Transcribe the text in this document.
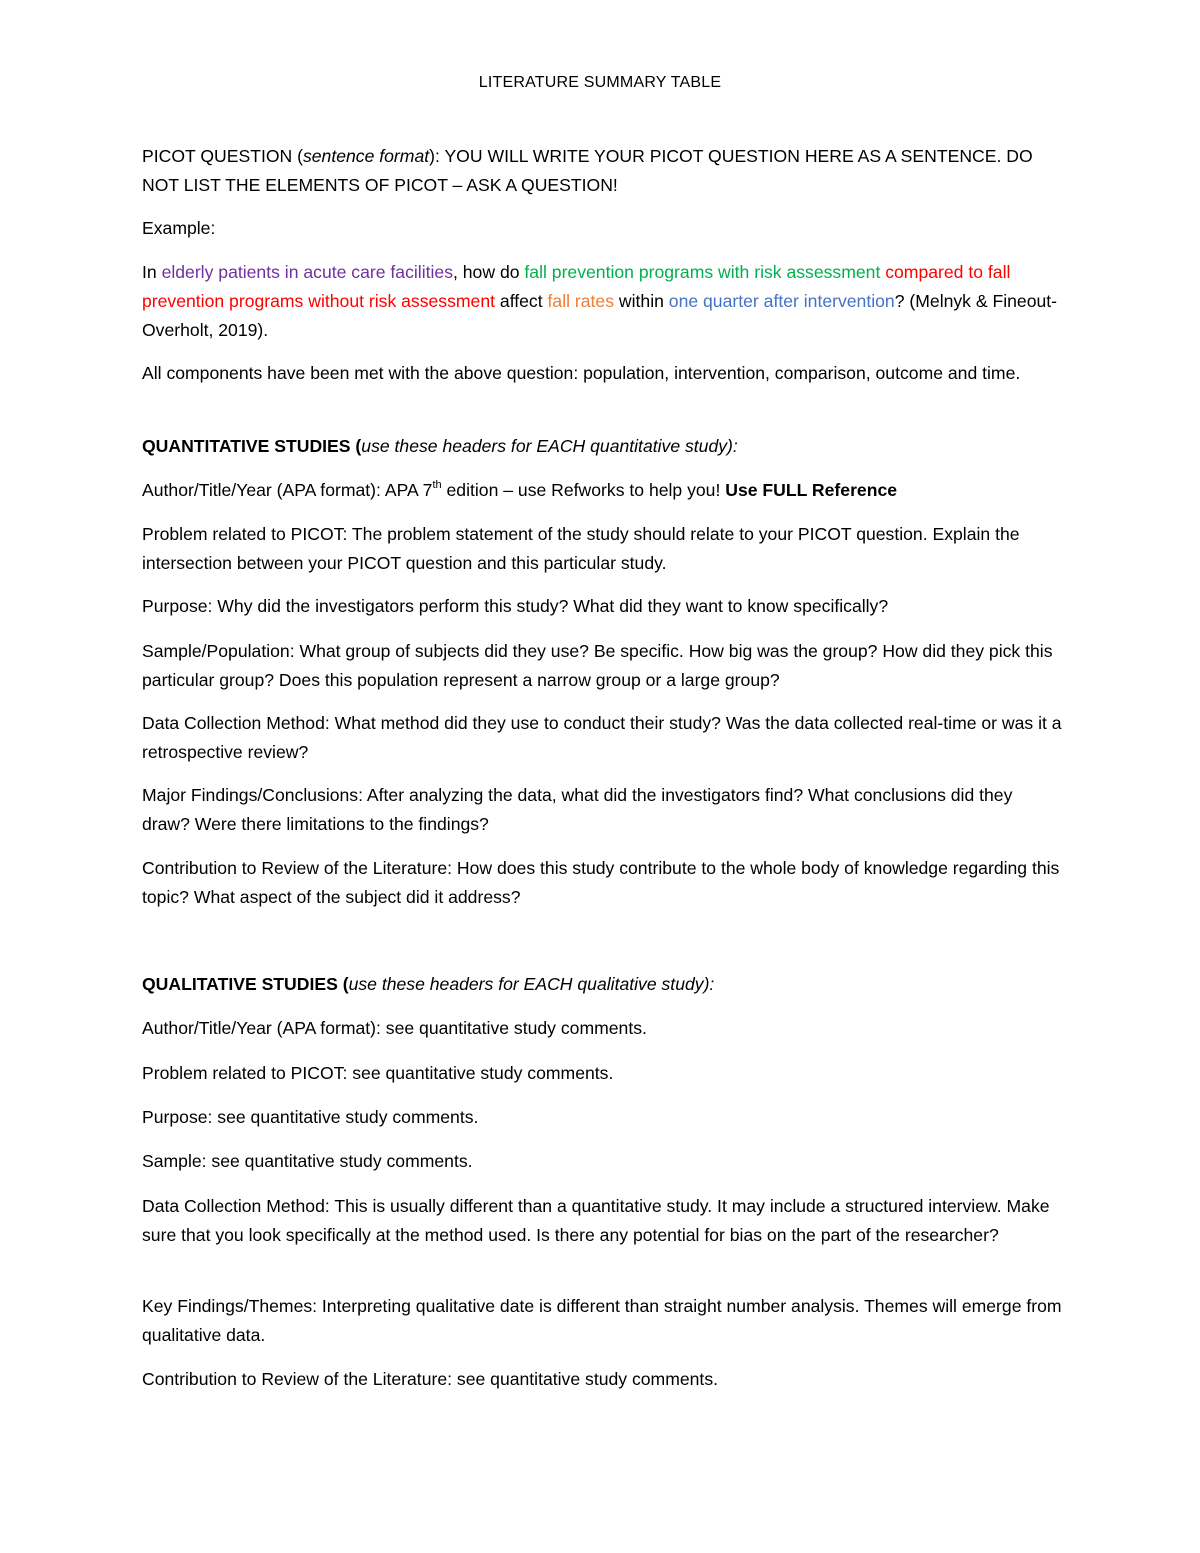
LITERATURE SUMMARY TABLE

PICOT QUESTION (sentence format): YOU WILL WRITE YOUR PICOT QUESTION HERE AS A SENTENCE. DO NOT LIST THE ELEMENTS OF PICOT – ASK A QUESTION!

Example:

In elderly patients in acute care facilities, how do fall prevention programs with risk assessment compared to fall prevention programs without risk assessment affect fall rates within one quarter after intervention? (Melnyk & Fineout-Overholt, 2019).

All components have been met with the above question: population, intervention, comparison, outcome and time.

QUANTITATIVE STUDIES (use these headers for EACH quantitative study):

Author/Title/Year (APA format): APA 7th edition – use Refworks to help you! Use FULL Reference

Problem related to PICOT: The problem statement of the study should relate to your PICOT question. Explain the intersection between your PICOT question and this particular study.

Purpose: Why did the investigators perform this study? What did they want to know specifically?

Sample/Population: What group of subjects did they use? Be specific. How big was the group? How did they pick this particular group? Does this population represent a narrow group or a large group?

Data Collection Method: What method did they use to conduct their study? Was the data collected real-time or was it a retrospective review?

Major Findings/Conclusions: After analyzing the data, what did the investigators find? What conclusions did they draw? Were there limitations to the findings?

Contribution to Review of the Literature: How does this study contribute to the whole body of knowledge regarding this topic? What aspect of the subject did it address?

QUALITATIVE STUDIES (use these headers for EACH qualitative study):

Author/Title/Year (APA format): see quantitative study comments.

Problem related to PICOT: see quantitative study comments.

Purpose: see quantitative study comments.

Sample: see quantitative study comments.

Data Collection Method: This is usually different than a quantitative study. It may include a structured interview. Make sure that you look specifically at the method used. Is there any potential for bias on the part of the researcher?

Key Findings/Themes: Interpreting qualitative date is different than straight number analysis. Themes will emerge from qualitative data.

Contribution to Review of the Literature: see quantitative study comments.
